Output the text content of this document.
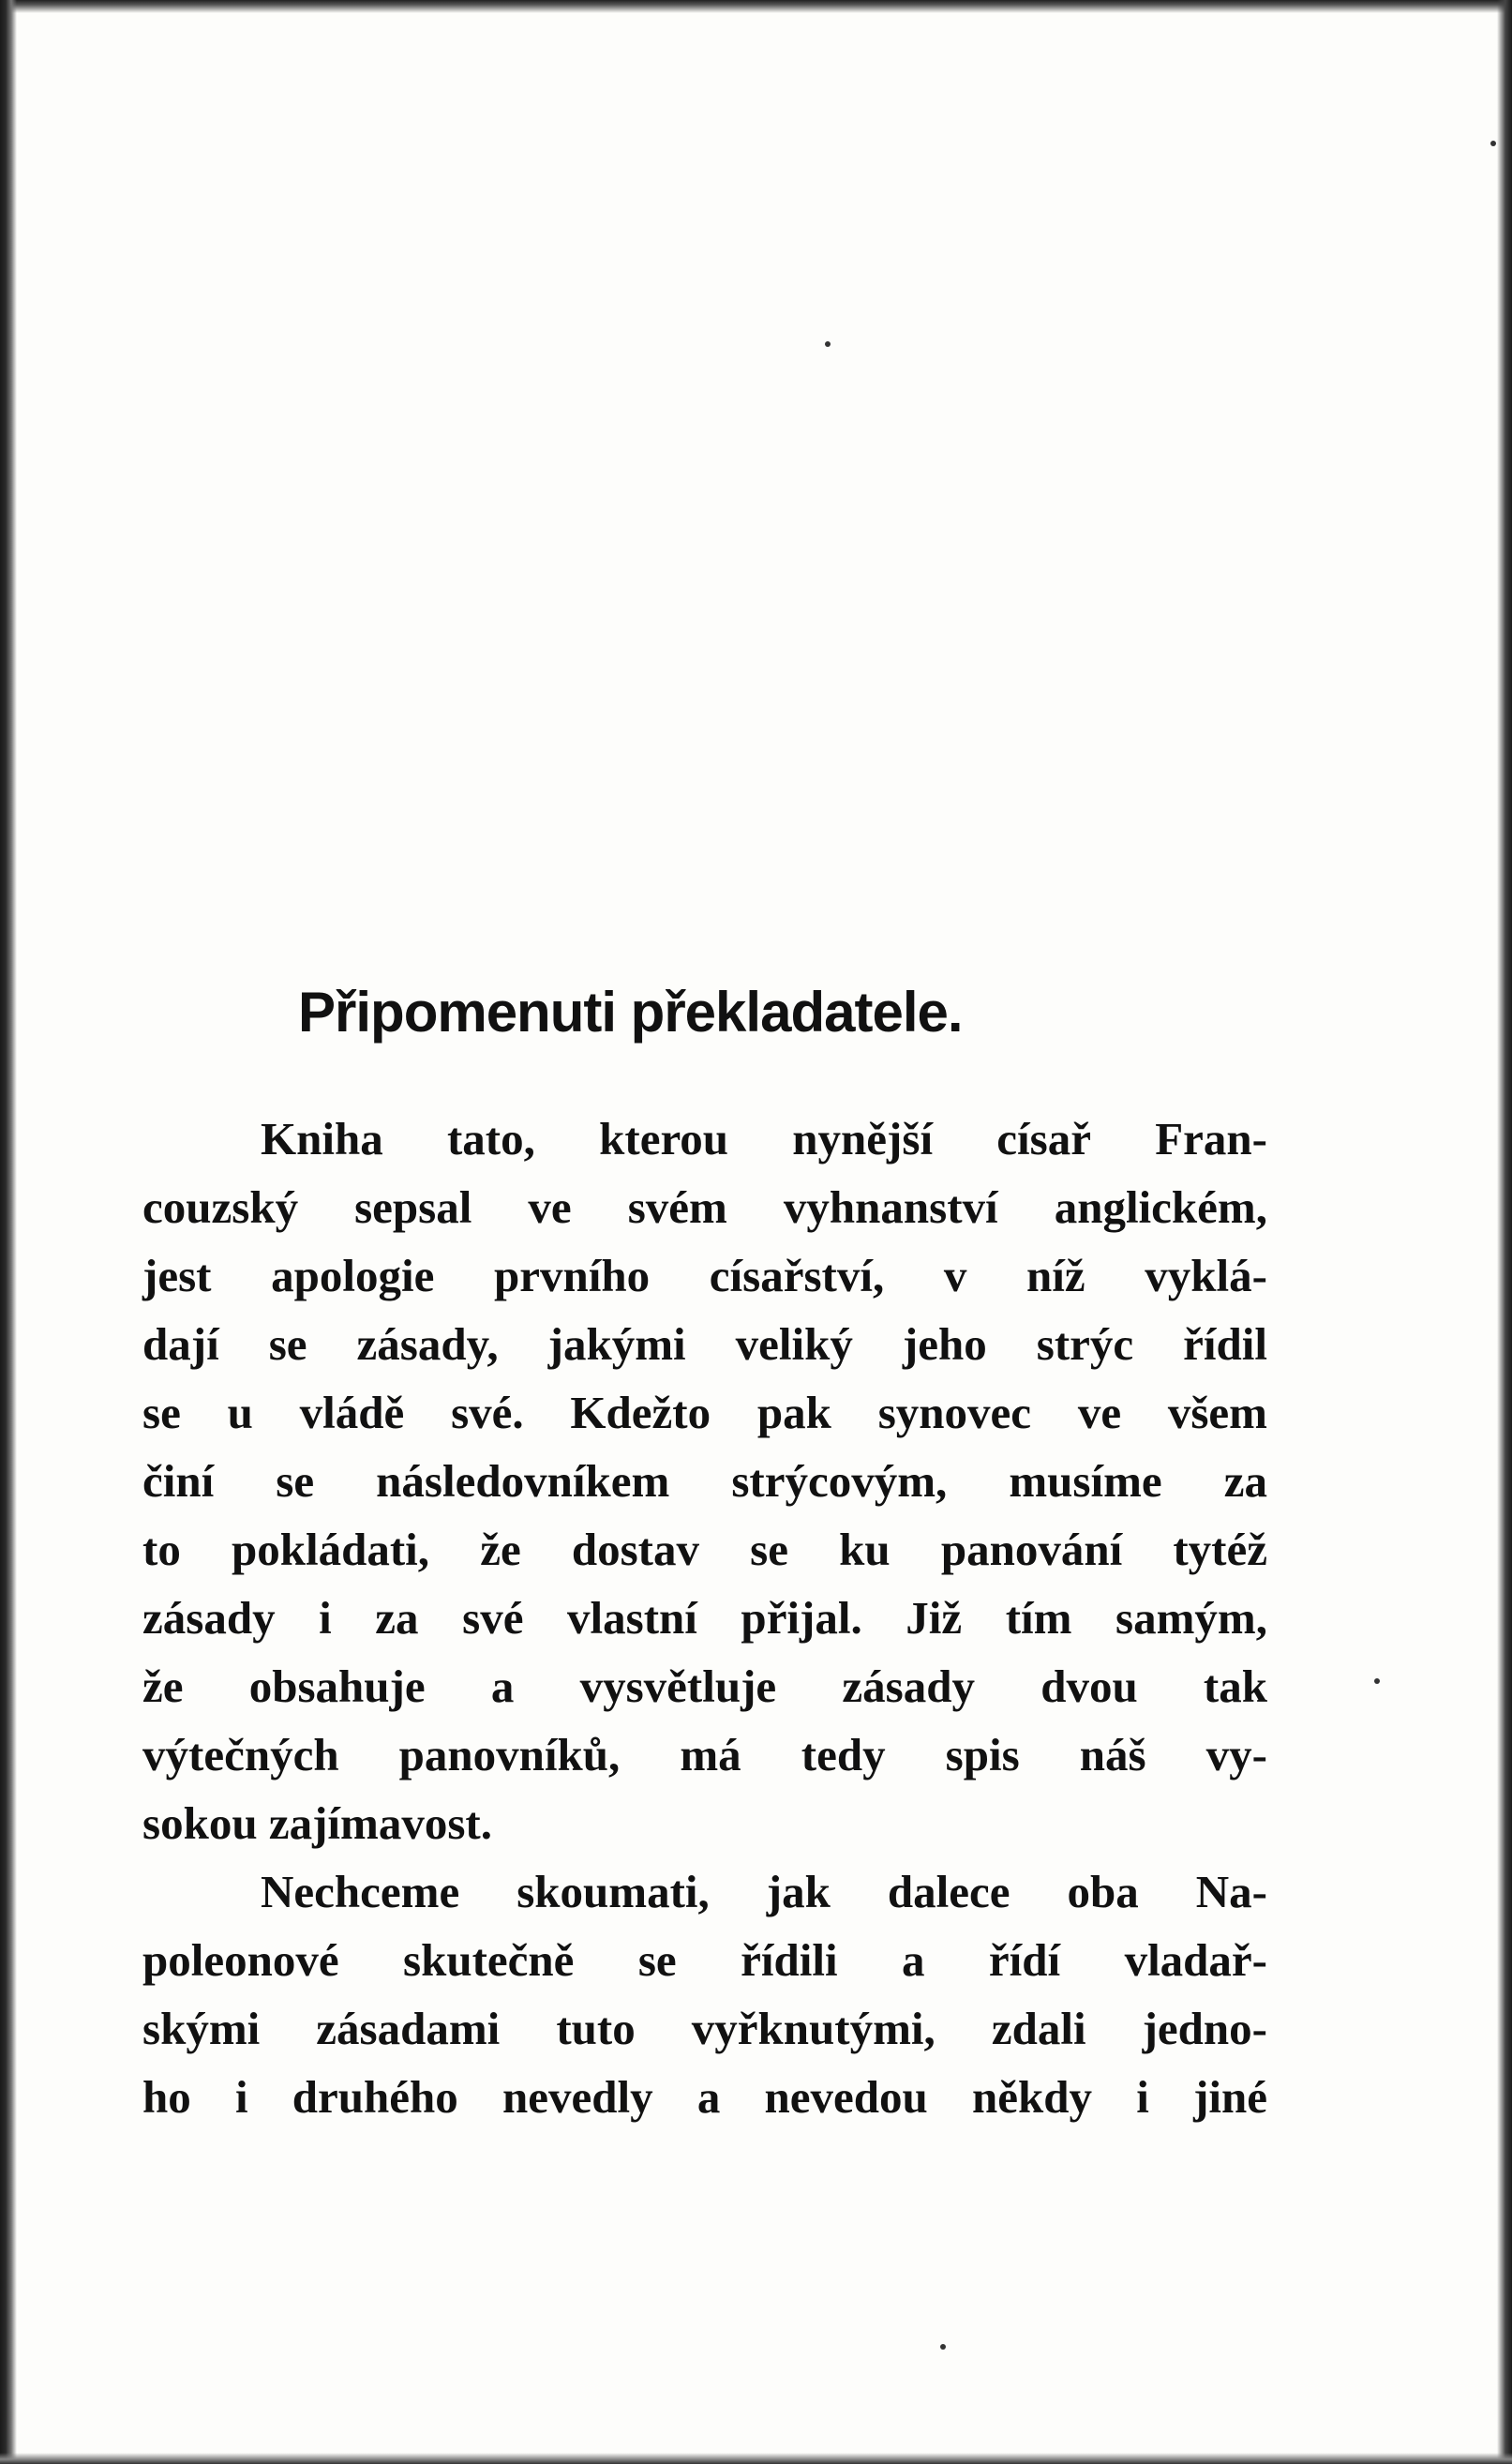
Připomenuti překladatele.
Kniha tato, kterou nynější císař Fran-
couzský sepsal ve svém vyhnanství anglickém,
jest apologie prvního císařství, v níž vyklá-
dají se zásady, jakými veliký jeho strýc řídil
se u vládě své. Kdežto pak synovec ve všem
činí se následovníkem strýcovým, musíme za
to pokládati, že dostav se ku panování tytéž
zásady i za své vlastní přijal. Již tím samým,
že obsahuje a vysvětluje zásady dvou tak
výtečných panovníků, má tedy spis náš vy-
sokou zajímavost.
Nechceme skoumati, jak dalece oba Na-
poleonové skutečně se řídili a řídí vladař-
skými zásadami tuto vyřknutými, zdali jedno-
ho i druhého nevedly a nevedou někdy i jiné
